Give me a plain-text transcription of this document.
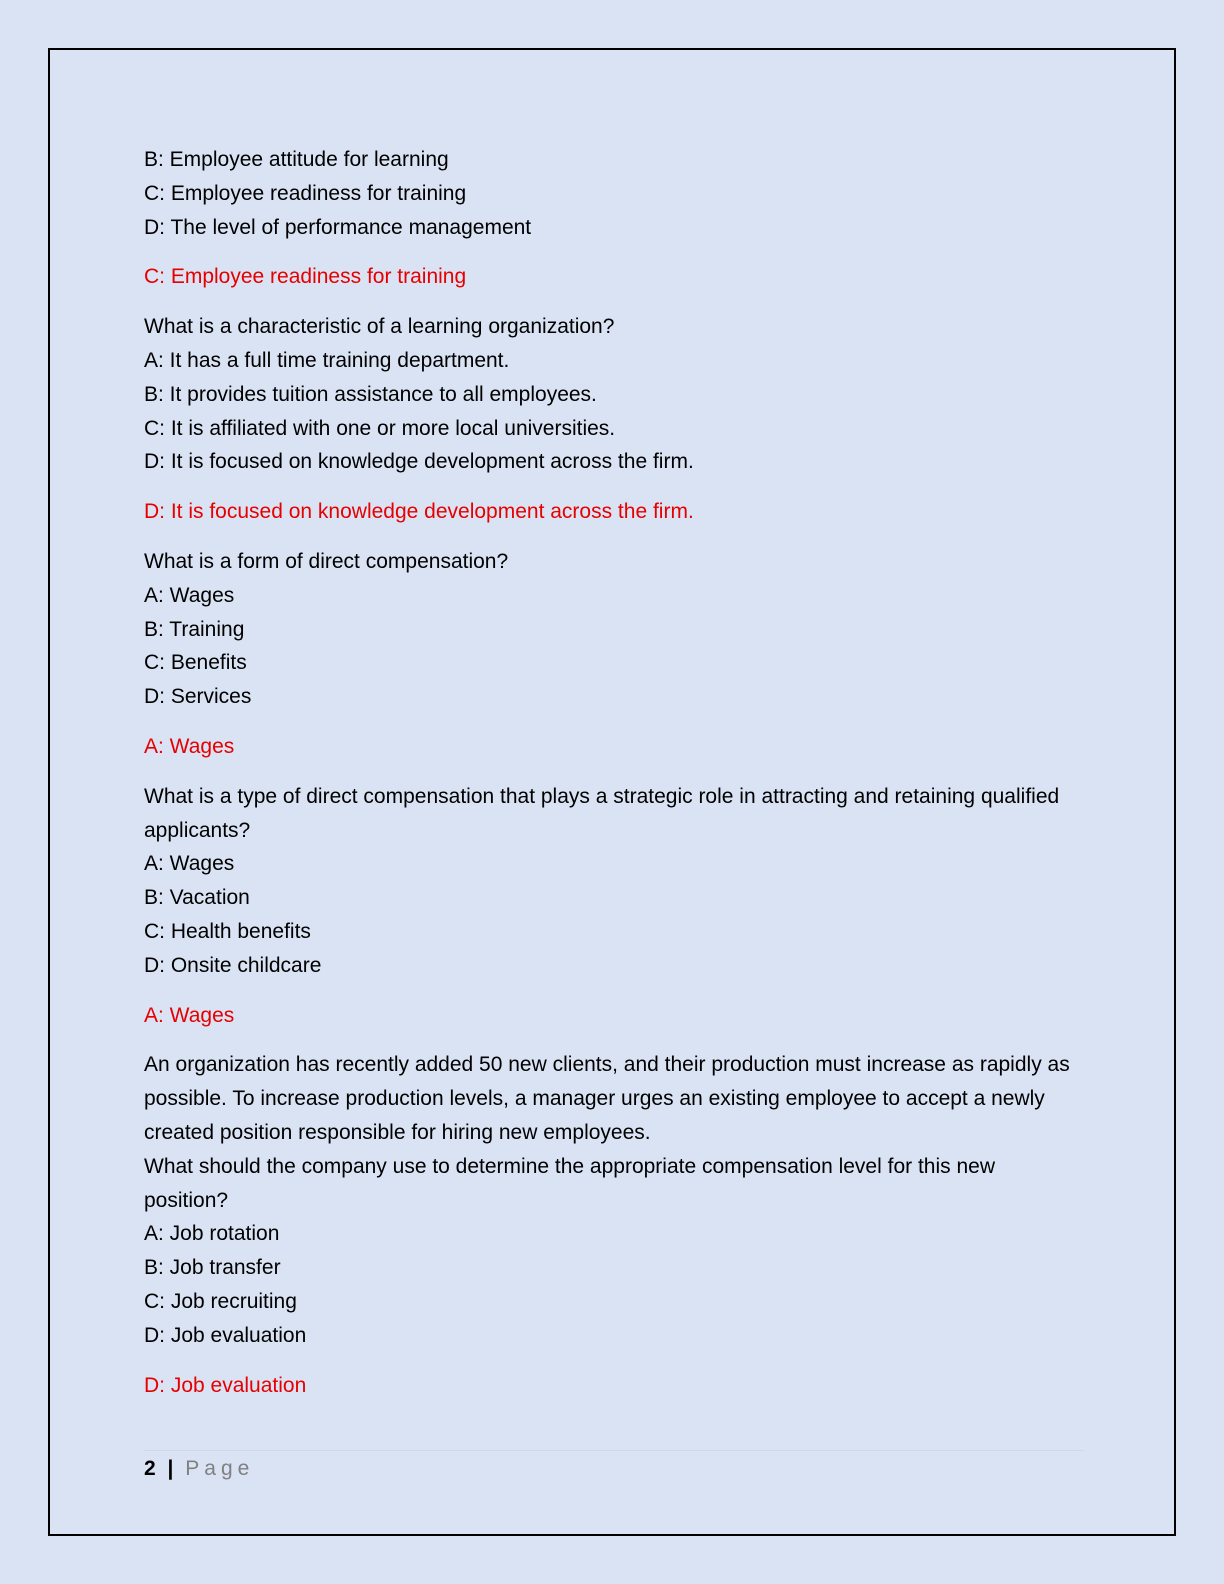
B: Employee attitude for learning
C: Employee readiness for training
D: The level of performance management
C: Employee readiness for training
What is a characteristic of a learning organization?
A: It has a full time training department.
B: It provides tuition assistance to all employees.
C: It is affiliated with one or more local universities.
D: It is focused on knowledge development across the firm.
D: It is focused on knowledge development across the firm.
What is a form of direct compensation?
A: Wages
B: Training
C: Benefits
D: Services
A: Wages
What is a type of direct compensation that plays a strategic role in attracting and retaining qualified applicants?
A: Wages
B: Vacation
C: Health benefits
D: Onsite childcare
A: Wages
An organization has recently added 50 new clients, and their production must increase as rapidly as possible. To increase production levels, a manager urges an existing employee to accept a newly created position responsible for hiring new employees.
What should the company use to determine the appropriate compensation level for this new position?
A: Job rotation
B: Job transfer
C: Job recruiting
D: Job evaluation
D: Job evaluation
2 | Page
